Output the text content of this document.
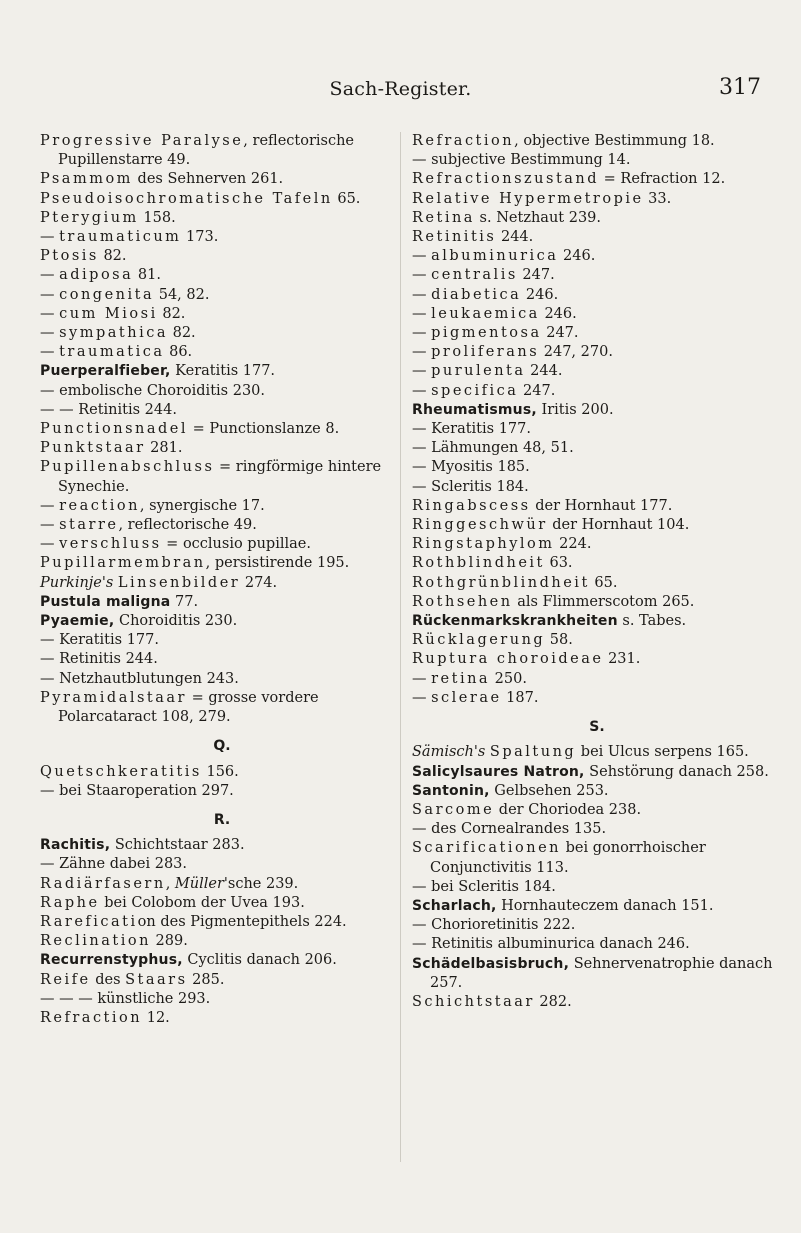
Sach-Register.	317

Progressive Paralyse, reflectorische Pupillenstarre 49.

Psammom des Sehnerven 261.

Pseudoisochromatische Tafeln 65.

Pterygium 158.

— traumaticum 173.

Ptosis 82.

— adiposa 81.

— congenita 54, 82.

— cum Miosi 82.

— sympathica 82.

— traumatica 86.

Puerperalfieber, Keratitis 177.

— embolische Choroiditis 230.

— — Retinitis 244.

Punctionsnadel = Punctionslanze 8.

Punktstaar 281.

Pupillenabschluss = ringförmige hintere Synechie.

— reaction, synergische 17.

— starre, reflectorische 49.

— verschluss = occlusio pupillae.

Pupillarmembran, persistirende 195.

Purkinje's Linsenbilder 274.

Pustula maligna 77.

Pyaemie, Choroiditis 230.

— Keratitis 177.

— Retinitis 244.

— Netzhautblutungen 243.

Pyramidalstaar = grosse vordere Polarcataract 108, 279.

Q.

Quetschkeratitis 156.

— bei Staaroperation 297.

R.

Rachitis, Schichtstaar 283.

— Zähne dabei 283.

Radiärfasern, Müller'sche 239.

Raphe bei Colobom der Uvea 193.

Rarefication des Pigmentepithels 224.

Reclination 289.

Recurrenstyphus, Cyclitis danach 206.

Reife des Staars 285.

— — — künstliche 293.

Refraction 12.

Refraction, objective Bestimmung 18.

— subjective Bestimmung 14.

Refractionszustand = Refraction 12.

Relative Hypermetropie 33.

Retina s. Netzhaut 239.

Retinitis 244.

— albuminurica 246.

— centralis 247.

— diabetica 246.

— leukaemica 246.

— pigmentosa 247.

— proliferans 247, 270.

— purulenta 244.

— specifica 247.

Rheumatismus, Iritis 200.

— Keratitis 177.

— Lähmungen 48, 51.

— Myositis 185.

— Scleritis 184.

Ringabscess der Hornhaut 177.

Ringgeschwür der Hornhaut 104.

Ringstaphylom 224.

Rothblindheit 63.

Rothgrünblindheit 65.

Rothsehen als Flimmerscotom 265.

Rückenmarkskrankheiten s. Tabes.

Rücklagerung 58.

Ruptura choroideae 231.

— retina 250.

— sclerae 187.

S.

Sämisch's Spaltung bei Ulcus serpens 165.

Salicylsaures Natron, Sehstörung danach 258.

Santonin, Gelbsehen 253.

Sarcome der Choriodea 238.

— des Cornealrandes 135.

Scarificationen bei gonorrhoischer Conjunctivitis 113.

— bei Scleritis 184.

Scharlach, Hornhauteczem danach 151.

— Chorioretinitis 222.

— Retinitis albuminurica danach 246.

Schädelbasisbruch, Sehnervenatrophie danach 257.

Schichtstaar 282.
